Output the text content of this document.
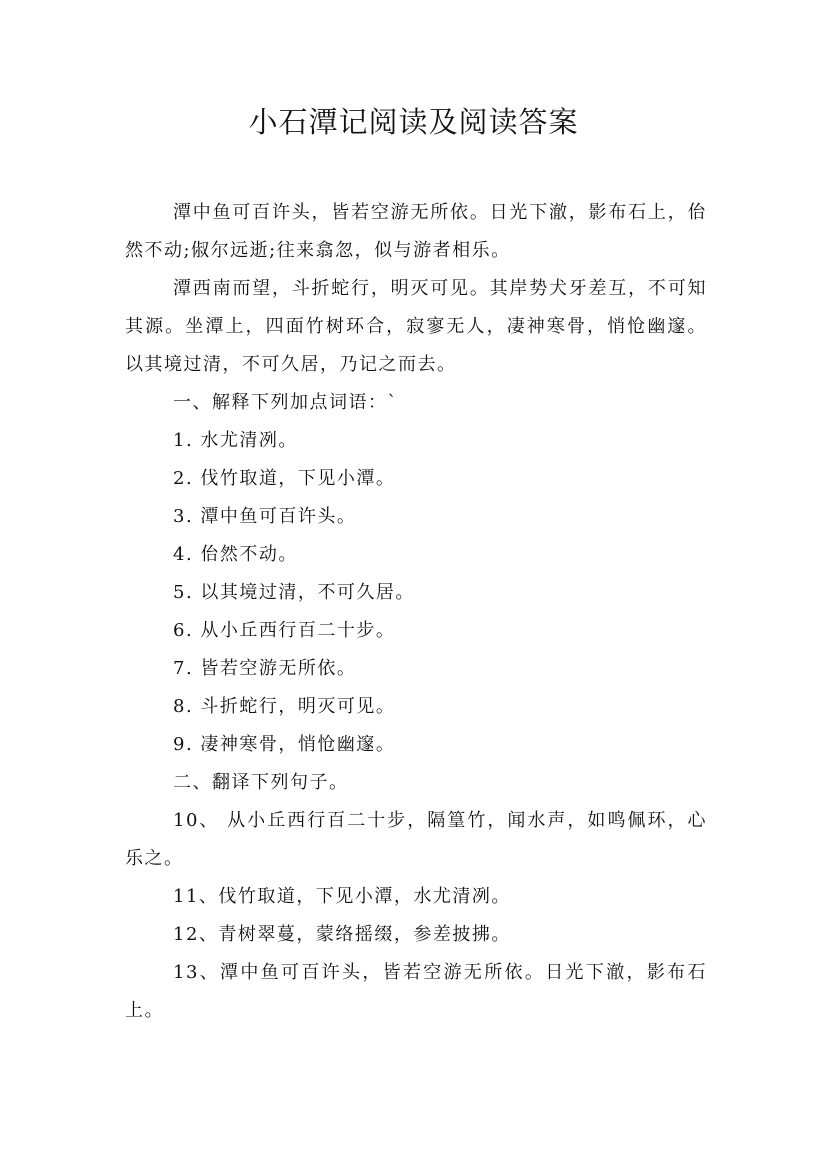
小石潭记阅读及阅读答案

潭中鱼可百许头，皆若空游无所依。日光下澈，影布石上，佁然不动;俶尔远逝;往来翕忽，似与游者相乐。

潭西南而望，斗折蛇行，明灭可见。其岸势犬牙差互，不可知其源。坐潭上，四面竹树环合，寂寥无人，凄神寒骨，悄怆幽邃。以其境过清，不可久居，乃记之而去。

一、解释下列加点词语：`

1. 水尤清冽。

2. 伐竹取道，下见小潭。

3. 潭中鱼可百许头。

4. 佁然不动。

5. 以其境过清，不可久居。

6. 从小丘西行百二十步。

7. 皆若空游无所依。

8. 斗折蛇行，明灭可见。

9. 凄神寒骨，悄怆幽邃。

二、翻译下列句子。

10、 从小丘西行百二十步，隔篁竹，闻水声，如鸣佩环，心乐之。

11、伐竹取道，下见小潭，水尤清冽。

12、青树翠蔓，蒙络摇缀，参差披拂。

13、潭中鱼可百许头，皆若空游无所依。日光下澈，影布石上。
